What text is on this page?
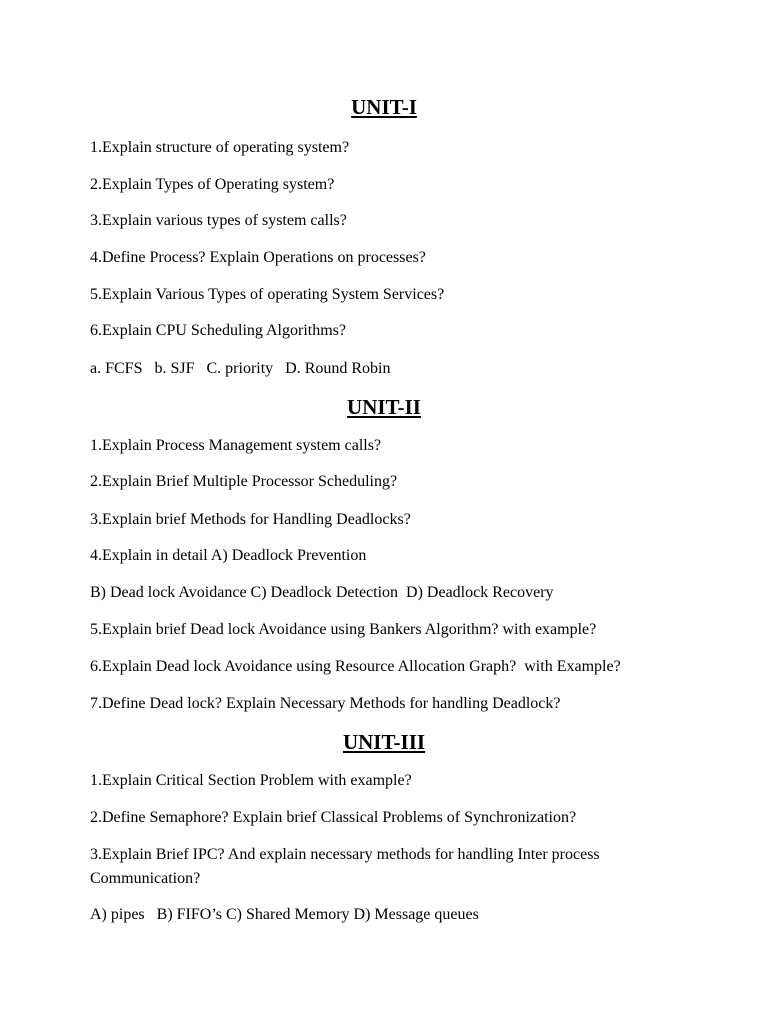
UNIT-I
1.Explain structure of operating system?
2.Explain Types of Operating system?
3.Explain various types of system calls?
4.Define Process? Explain Operations on processes?
5.Explain Various Types of operating System Services?
6.Explain CPU Scheduling Algorithms?
a. FCFS   b. SJF   C. priority   D. Round Robin
UNIT-II
1.Explain Process Management system calls?
2.Explain Brief Multiple Processor Scheduling?
3.Explain brief Methods for Handling Deadlocks?
4.Explain in detail A) Deadlock Prevention
B) Dead lock Avoidance C) Deadlock Detection  D) Deadlock Recovery
5.Explain brief Dead lock Avoidance using Bankers Algorithm? with example?
6.Explain Dead lock Avoidance using Resource Allocation Graph?  with Example?
7.Define Dead lock? Explain Necessary Methods for handling Deadlock?
UNIT-III
1.Explain Critical Section Problem with example?
2.Define Semaphore? Explain brief Classical Problems of Synchronization?
3.Explain Brief IPC? And explain necessary methods for handling Inter process Communication?
A) pipes   B) FIFO’s C) Shared Memory D) Message queues
